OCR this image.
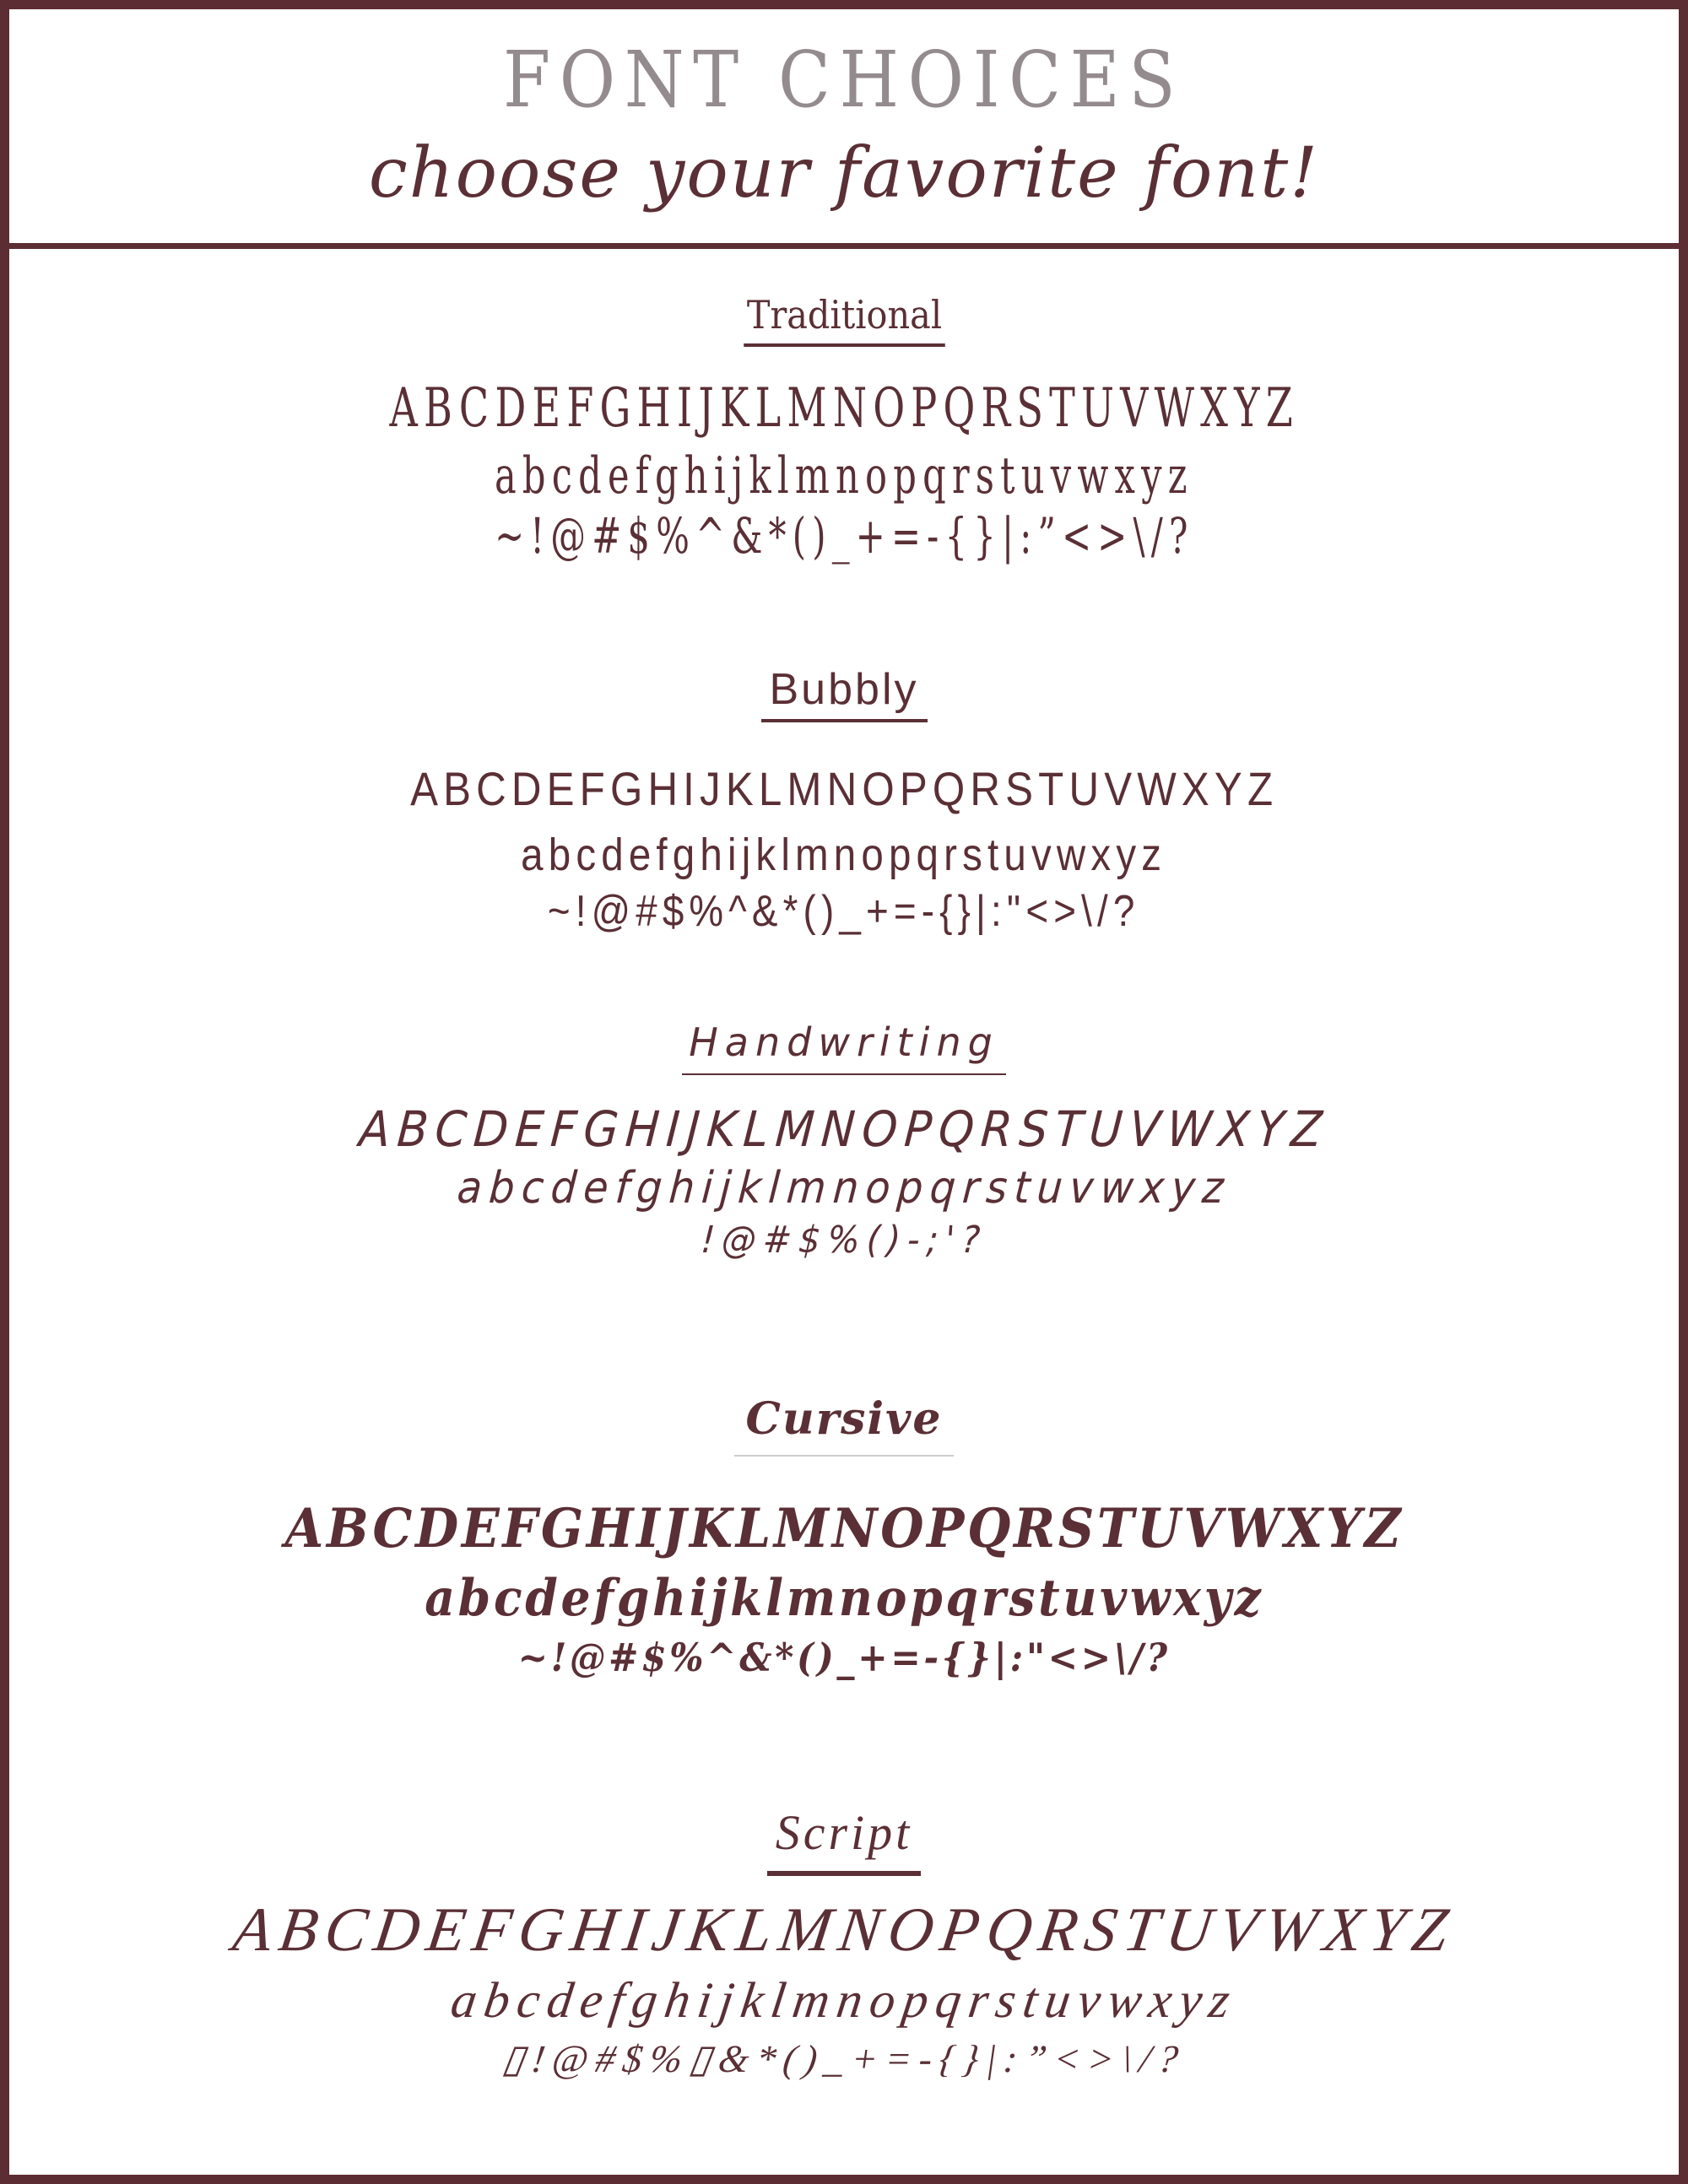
FONT CHOICES
choose your favorite font!
Traditional
ABCDEFGHIJKLMNOPQRSTUVWXYZ
abcdefghijklmnopqrstuvwxyz
~!@#$%^&*()_+=-{}|:”<>\/?
Bubbly
ABCDEFGHIJKLMNOPQRSTUVWXYZ
abcdefghijklmnopqrstuvwxyz
~!@#$%^&*()_+=-{}|:"<>\/?
Handwriting
ABCDEFGHIJKLMNOPQRSTUVWXYZ
abcdefghijklmnopqrstuvwxyz
!@#$%()-;'?
Cursive
ABCDEFGHIJKLMNOPQRSTUVWXYZ
abcdefghijklmnopqrstuvwxyz
~!@#$%^&*()_+=-{}|:"<>\/?
Script
ABCDEFGHIJKLMNOPQRSTUVWXYZ
abcdefghijklmnopqrstuvwxyz
▯!@#$%▯&*()_+=-{}|:”<>\/?
